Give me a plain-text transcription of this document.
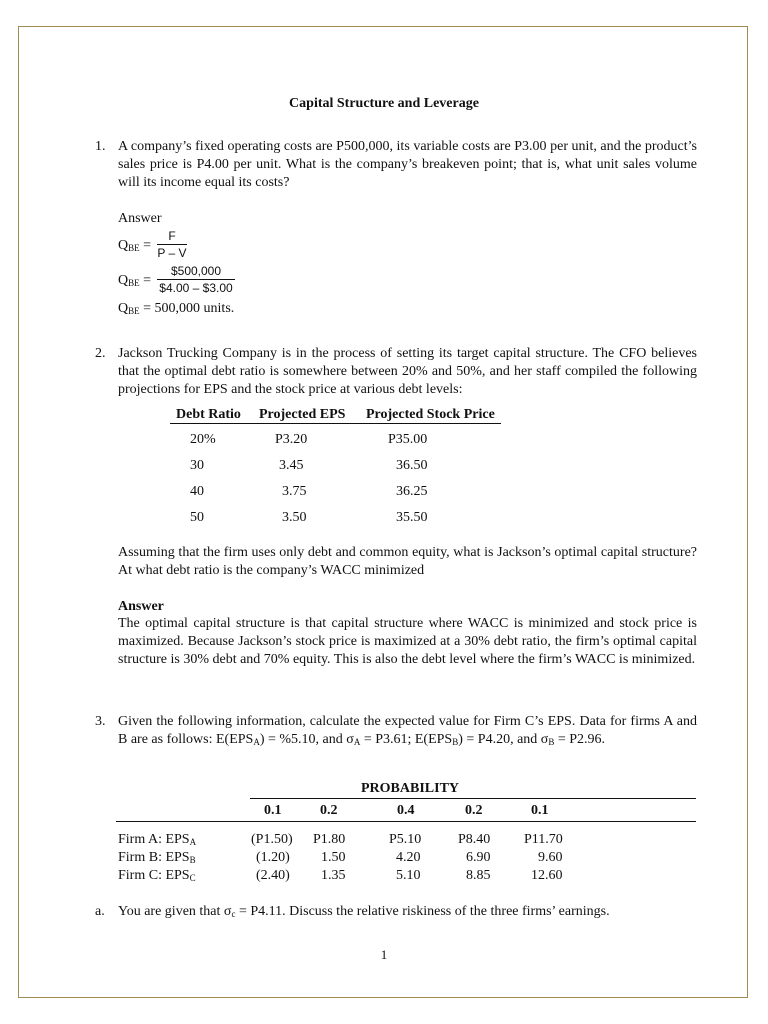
Capital Structure and Leverage
1. A company’s fixed operating costs are P500,000, its variable costs are P3.00 per unit, and the product’s sales price is P4.00 per unit. What is the company’s breakeven point; that is, what unit sales volume will its income equal its costs?
Answer
$Q_{BE} = \frac{F}{P - V}$
$Q_{BE} = \frac{\$500,000}{\$4.00 - \$3.00}$
$Q_{BE} = 500,000$ units.
2. Jackson Trucking Company is in the process of setting its target capital structure. The CFO believes that the optimal debt ratio is somewhere between 20% and 50%, and her staff compiled the following projections for EPS and the stock price at various debt levels:
Debt Ratio Projected EPS Projected Stock Price
20%	P3.20	P35.00
30	3.45	36.50
40	3.75	36.25
50	3.50	35.50
Assuming that the firm uses only debt and common equity, what is Jackson’s optimal capital structure? At what debt ratio is the company’s WACC minimized
Answer
The optimal capital structure is that capital structure where WACC is minimized and stock price is maximized. Because Jackson’s stock price is maximized at a 30% debt ratio, the firm’s optimal capital structure is 30% debt and 70% equity. This is also the debt level where the firm’s WACC is minimized.
3. Given the following information, calculate the expected value for Firm C’s EPS. Data for firms A and B are as follows: $E(EPS_A) = \%5.10$, and $\sigma_A = P3.61$; $E(EPS_B) = P4.20$, and $\sigma_B = P2.96$.
PROBABILITY
0.1	0.2	0.4	0.2	0.1
Firm A: $EPS_A$	(P1.50) P1.80	P5.10	P8.40 P11.70
Firm B: $EPS_B$	(1.20) 1.50	4.20	6.90	9.60
Firm C: $EPS_C$	(2.40) 1.35	5.10	8.85	12.60
a. You are given that $\sigma_c = P4.11$. Discuss the relative riskiness of the three firms’ earnings.
1
